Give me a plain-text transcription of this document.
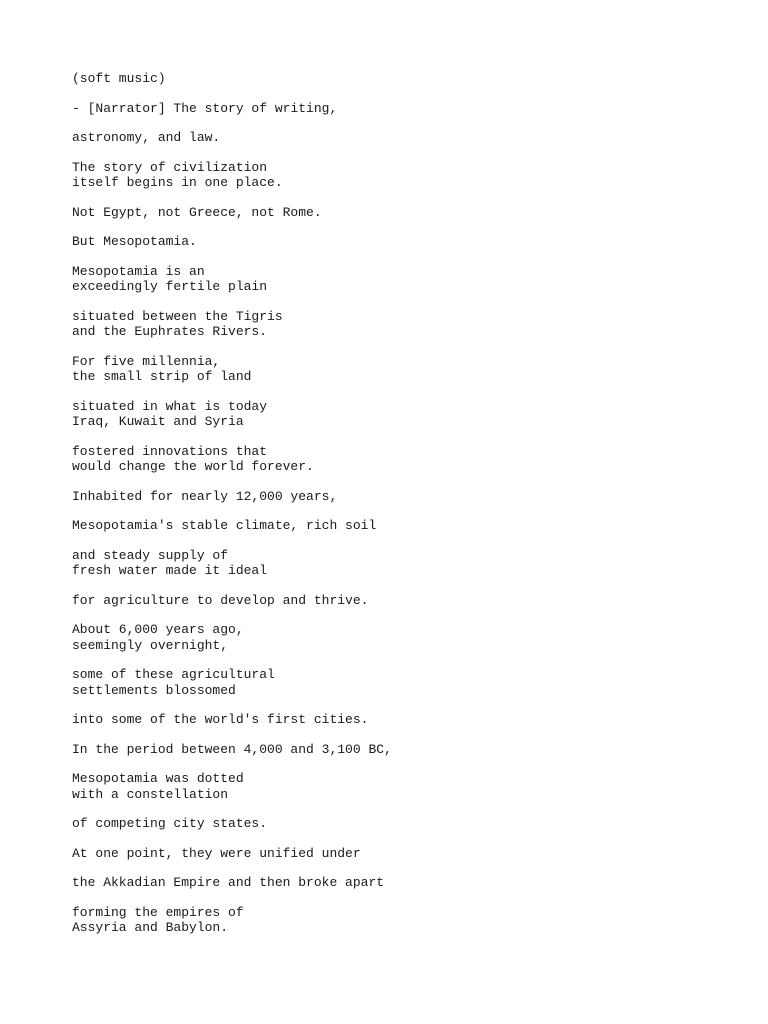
(soft music)
- [Narrator] The story of writing,
astronomy, and law.
The story of civilization
itself begins in one place.
Not Egypt, not Greece, not Rome.
But Mesopotamia.
Mesopotamia is an
exceedingly fertile plain
situated between the Tigris
and the Euphrates Rivers.
For five millennia,
the small strip of land
situated in what is today
Iraq, Kuwait and Syria
fostered innovations that
would change the world forever.
Inhabited for nearly 12,000 years,
Mesopotamia's stable climate, rich soil
and steady supply of
fresh water made it ideal
for agriculture to develop and thrive.
About 6,000 years ago,
seemingly overnight,
some of these agricultural
settlements blossomed
into some of the world's first cities.
In the period between 4,000 and 3,100 BC,
Mesopotamia was dotted
with a constellation
of competing city states.
At one point, they were unified under
the Akkadian Empire and then broke apart
forming the empires of
Assyria and Babylon.
